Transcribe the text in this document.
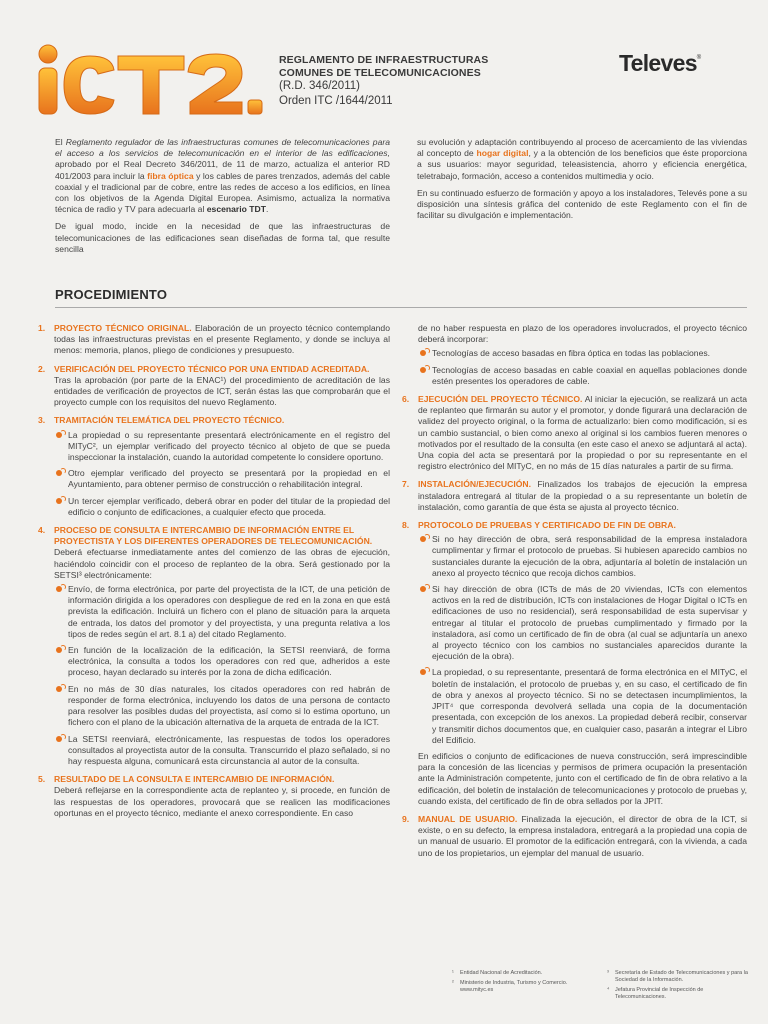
REGLAMENTO DE INFRAESTRUCTURAS
COMUNES DE TELECOMUNICACIONES
(R.D. 346/2011)
Orden ITC /1644/2011
Televes®

El Reglamento regulador de las infraestructuras comunes de telecomunicaciones para el acceso a los servicios de telecomunicación en el interior de las edificaciones, aprobado por el Real Decreto 346/2011, de 11 de marzo, actualiza el anterior RD 401/2003 para incluir la fibra óptica y los cables de pares trenzados, además del cable coaxial y el tradicional par de cobre, entre las redes de acceso a los edificios, en línea con los objetivos de la Agenda Digital Europea. Asimismo, actualiza la normativa técnica de radio y TV para adecuarla al escenario TDT.

De igual modo, incide en la necesidad de que las infraestructuras de telecomunicaciones de las edificaciones sean diseñadas de forma tal, que resulte sencilla

su evolución y adaptación contribuyendo al proceso de acercamiento de las viviendas al concepto de hogar digital, y a la obtención de los beneficios que éste proporciona a sus usuarios: mayor seguridad, teleasistencia, ahorro y eficiencia energética, teletrabajo, formación, acceso a contenidos multimedia y ocio.

En su continuado esfuerzo de formación y apoyo a los instaladores, Televés pone a su disposición una síntesis gráfica del contenido de este Reglamento con el fin de facilitar su divulgación e implementación.

PROCEDIMIENTO
1.	PROYECTO TÉCNICO ORIGINAL. Elaboración de un proyecto técnico contemplando todas las infraestructuras previstas en el presente Reglamento, y donde se incluya al menos: memoria, planos, pliego de condiciones y presupuesto.
2.	VERIFICACIÓN DEL PROYECTO TÉCNICO POR UNA ENTIDAD ACREDITADA.
Tras la aprobación (por parte de la ENAC¹) del procedimiento de acreditación de las entidades de verificación de proyectos de ICT, serán éstas las que comprobarán que el proyecto cumple con los requisitos del nuevo Reglamento.
3.	TRAMITACIÓN TELEMÁTICA DEL PROYECTO TÉCNICO.
La propiedad o su representante presentará electrónicamente en el registro del MITyC², un ejemplar verificado del proyecto técnico al objeto de que se pueda inspeccionar la instalación, cuando la autoridad competente lo considere oportuno.
Otro ejemplar verificado del proyecto se presentará por la propiedad en el Ayuntamiento, para obtener permiso de construcción o rehabilitación integral.
Un tercer ejemplar verificado, deberá obrar en poder del titular de la propiedad del edificio o conjunto de edificaciones, a cualquier efecto que proceda.
4.	PROCESO DE CONSULTA E INTERCAMBIO DE INFORMACIÓN ENTRE EL PROYECTISTA Y LOS DIFERENTES OPERADORES DE TELECOMUNICACIÓN.
Deberá efectuarse inmediatamente antes del comienzo de las obras de ejecución, haciéndolo coincidir con el proceso de replanteo de la obra. Será gestionado por la SETSI³ electrónicamente:
Envío, de forma electrónica, por parte del proyectista de la ICT, de una petición de información dirigida a los operadores con despliegue de red en la zona en que está prevista la edificación. Incluirá un fichero con el plano de situación para la arqueta de entrada, los datos del promotor y del proyectista, y una pregunta relativa a los tipos de redes según el art. 8.1 a) del citado Reglamento.
En función de la localización de la edificación, la SETSI reenviará, de forma electrónica, la consulta a todos los operadores con red que, adheridos a este proceso, hayan declarado su interés por la zona de dicha edificación.
En no más de 30 días naturales, los citados operadores con red habrán de responder de forma electrónica, incluyendo los datos de una persona de contacto para resolver las posibles dudas del proyectista, así como si lo estima oportuno, un fichero con el plano de la ubicación alternativa de la arqueta de entrada de la ICT.
La SETSI reenviará, electrónicamente, las respuestas de todos los operadores consultados al proyectista autor de la consulta. Transcurrido el plazo señalado, si no hay respuesta alguna, comunicará esta circunstancia al autor de la consulta.
5.	RESULTADO DE LA CONSULTA E INTERCAMBIO DE INFORMACIÓN.
Deberá reflejarse en la correspondiente acta de replanteo y, si procede, en función de las respuestas de los operadores, provocará que se realicen las modificaciones oportunas en el proyecto técnico, mediante el anexo correspondiente. En caso
de no haber respuesta en plazo de los operadores involucrados, el proyecto técnico deberá incorporar:
Tecnologías de acceso basadas en fibra óptica en todas las poblaciones.
Tecnologías de acceso basadas en cable coaxial en aquellas poblaciones donde estén presentes los operadores de cable.
6.	EJECUCIÓN DEL PROYECTO TÉCNICO. Al iniciar la ejecución, se realizará un acta de replanteo que firmarán su autor y el promotor, y donde figurará una declaración de validez del proyecto original, o la forma de actualizarlo: bien como modificación, si es un cambio sustancial, o bien como anexo al original si los cambios fueren menores o motivados por el resultado de la consulta (en este caso el anexo se adjuntará al acta). Una copia del acta se presentará por la propiedad o por su representante en el registro electrónico del MITyC, en no más de 15 días naturales a partir de su firma.
7.	INSTALACIÓN/EJECUCIÓN. Finalizados los trabajos de ejecución la empresa instaladora entregará al titular de la propiedad o a su representante un boletín de instalación, como garantía de que ésta se ajusta al proyecto técnico.
8.	PROTOCOLO DE PRUEBAS Y CERTIFICADO DE FIN DE OBRA.
Si no hay dirección de obra, será responsabilidad de la empresa instaladora cumplimentar y firmar el protocolo de pruebas. Si hubiesen aparecido cambios no sustanciales durante la ejecución de la obra, adjuntaría al boletín de instalación un anexo al proyecto técnico que recoja dichos cambios.
Si hay dirección de obra (ICTs de más de 20 viviendas, ICTs con elementos activos en la red de distribución, ICTs con instalaciones de Hogar Digital o ICTs en edificaciones de uso no residencial), será responsabilidad de esta supervisar y entregar al titular el protocolo de pruebas cumplimentado y firmado por la instaladora, así como un certificado de fin de obra (al cual se adjuntaría un anexo al proyecto técnico con los cambios no sustanciales aparecidos durante la ejecución de la obra).
La propiedad, o su representante, presentará de forma electrónica en el MITyC, el boletín de instalación, el protocolo de pruebas y, en su caso, el certificado de fin de obra y anexos al proyecto técnico. Si no se detectasen incumplimientos, la JPIT⁴ que corresponda devolverá sellada una copia de la documentación presentada, con excepción de los anexos. La propiedad deberá recibir, conservar y transmitir dichos documentos que, en cualquier caso, pasarán a integrar el Libro del Edificio.
En edificios o conjunto de edificaciones de nueva construcción, será imprescindible para la concesión de las licencias y permisos de primera ocupación la presentación ante la Administración competente, junto con el certificado de fin de obra relativo a la edificación, del boletín de instalación de telecomunicaciones y protocolo de pruebas y, cuando exista, del certificado de fin de obra sellados por la JPIT.
9.	MANUAL DE USUARIO. Finalizada la ejecución, el director de obra de la ICT, si existe, o en su defecto, la empresa instaladora, entregará a la propiedad una copia de un manual de usuario. El promotor de la edificación entregará, con la vivienda, a cada uno de los propietarios, un ejemplar del manual de usuario.
¹	Entidad Nacional de Acreditación.
²	Ministerio de Industria, Turismo y Comercio. www.mityc.es
³	Secretaría de Estado de Telecomunicaciones y para la Sociedad de la Información.
⁴	Jefatura Provincial de Inspección de Telecomunicaciones.
